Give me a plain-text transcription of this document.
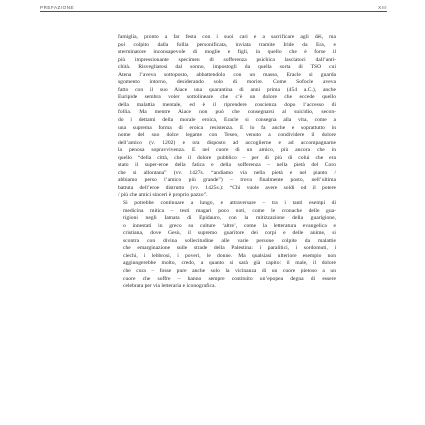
PREFAZIONE	XIII

famiglia, pronto a far festa con i suoi cari e a sacrificare agli dèi, ma
poi colpito dalla follia personificata, inviata tramite Iride da Era, e
sterminatore inconsapevole di moglie e figli, in quello che è forse il
più impressionante specimen di sofferenza psichica lasciatoci dall’anti-
chità. Risvegliatosi dal sonno, impostogli da quella sorta di TSO cui
Atena l’aveva sottoposto, abbattendolo con un masso, Eracle si guarda
sgomento intorno, desiderando solo di morire. Come Sofocle aveva
fatto con il suo Aiace una quarantina di anni prima (454 a.C.), anche
Euripide sembra voler sottolineare che c’è un dolore che eccede quello
della malattia mentale, ed è il riprendere coscienza dopo l’accesso di
follia. Ma mentre Aiace non può che consegnarsi al suicidio, secon-
do i dettami della morale eroica, Eracle si consegna alla vita, come a
una suprema forma di eroica resistenza. E lo fa anche e soprattutto in
nome del suo dolce legame con Teseo, venuto a condividere il dolore
dell’amico (v. 1202) e ora disposto ad accoglierne e ad accompagnarne
la penosa sopravvivenza. E nel cuore di un amico, più ancora che in
quello “della città, che il dolore pubblico – per di più di colui che era
stato il super-eroe della fatica e della sofferenza – nella pietà del Coro
che si allontana” (vv. 1427s. “andiamo via nella pietà e nel pianto /
abbiamo perso l’amico più grande”) – trova finalmente posto, nell’ultima
battuta dell’eroe distrutto (vv. 1425s.): “Chi vuole avere soldi od il potere
/ più che amici sinceri è proprio pazzo”.

Si potrebbe continuare a lungo, e attraversare – tra i tanti esempi di
medicina mitica – testi magari poco noti, come le cronache delle gua-
rigioni negli Iamata di Epidauro, con la mitizzazione della guarigione,
o innestati in greco su culture ‘altre’, come la letteratura evangelica e
cristiana, dove Gesù, il supremo guaritore dei corpi e delle anime, si
scontra con divina sollecitudine alle varie persone colpite da malattie
che emarginazione sulle strade della Palestina: i paralitici, i sordomuti, i
ciechi, i lebbrosi, i poveri, le donne. Ma qualsiasi ulteriore esempio non
aggiungerebbe molto, credo, a quanto si sarà già capito: il male, il dolore
che cura – fosse pure anche solo la vicinanza di un cuore pietoso a un
cuore che soffre – hanno sempre costituito un’epopea degna di essere
celebrata per via letteraria e iconografica.
